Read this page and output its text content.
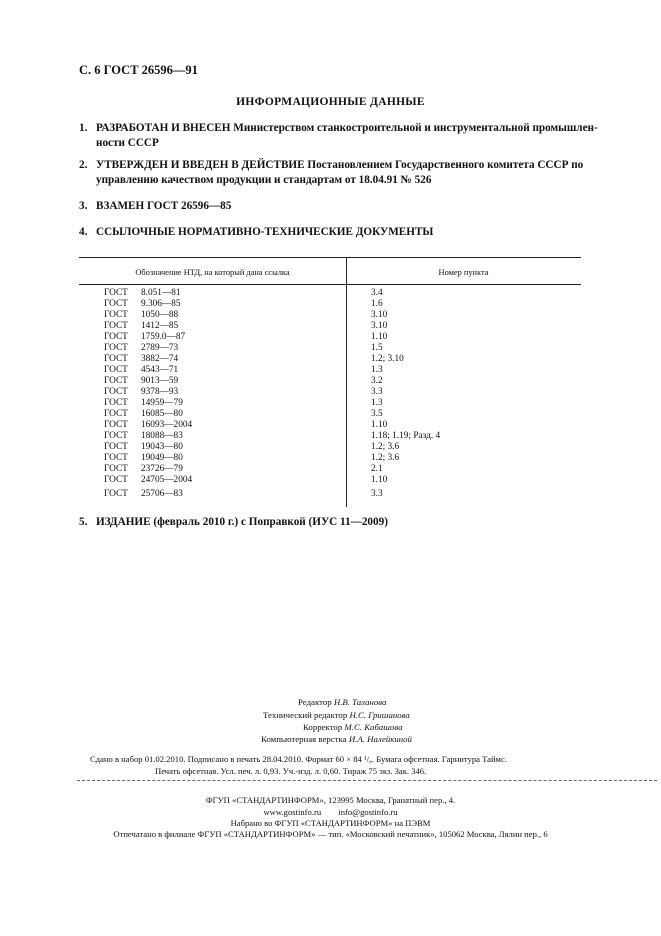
С. 6 ГОСТ 26596—91
ИНФОРМАЦИОННЫЕ ДАННЫЕ
1. РАЗРАБОТАН И ВНЕСЕН Министерством станкостроительной и инструментальной промышлен-
ности СССР
2. УТВЕРЖДЕН И ВВЕДЕН В ДЕЙСТВИЕ Постановлением Государственного комитета СССР по
управлению качеством продукции и стандартам от 18.04.91 № 526
3. ВЗАМЕН ГОСТ 26596—85
4. ССЫЛОЧНЫЕ НОРМАТИВНО-ТЕХНИЧЕСКИЕ ДОКУМЕНТЫ
Обозначение НТД, на который дана ссылка	Номер пункта
ГОСТ 8.051—81	3.4
ГОСТ 9.306—85	1.6
ГОСТ 1050—88	3.10
ГОСТ 1412—85	3.10
ГОСТ 1759.0—87	1.10
ГОСТ 2789—73	1.5
ГОСТ 3882—74	1.2; 3.10
ГОСТ 4543—71	1.3
ГОСТ 9013—59	3.2
ГОСТ 9378—93	3.3
ГОСТ 14959—79	1.3
ГОСТ 16085—80	3.5
ГОСТ 16093—2004	1.10
ГОСТ 18088—83	1.18; 1.19; Разд. 4
ГОСТ 19043—80	1.2; 3.6
ГОСТ 19049—80	1.2; 3.6
ГОСТ 23726—79	2.1
ГОСТ 24705—2004	1.10
ГОСТ 25706—83	3.3
5. ИЗДАНИЕ (февраль 2010 г.) с Поправкой (ИУС 11—2009)
Редактор Н.В. Таланова
Технический редактор Н.С. Гришанова
Корректор М.С. Кабашова
Компьютерная верстка И.А. Налейкиной
Сдано в набор 01.02.2010. Подписано в печать 28.04.2010. Формат 60 × 84 ¹/₈. Бумага офсетная. Гарнитура Таймс.
Печать офсетная. Усл. печ. л. 0,93. Уч.-изд. л. 0,60. Тираж 75 экз. Зак. 346.
ФГУП «СТАНДАРТИНФОРМ», 123995 Москва, Гранатный пер., 4.
www.gostinfo.ru        info@gostinfo.ru
Набрано во ФГУП «СТАНДАРТИНФОРМ» на ПЭВМ
Отпечатано в филиале ФГУП «СТАНДАРТИНФОРМ» — тип. «Московский печатник», 105062 Москва, Лялин пер., 6
